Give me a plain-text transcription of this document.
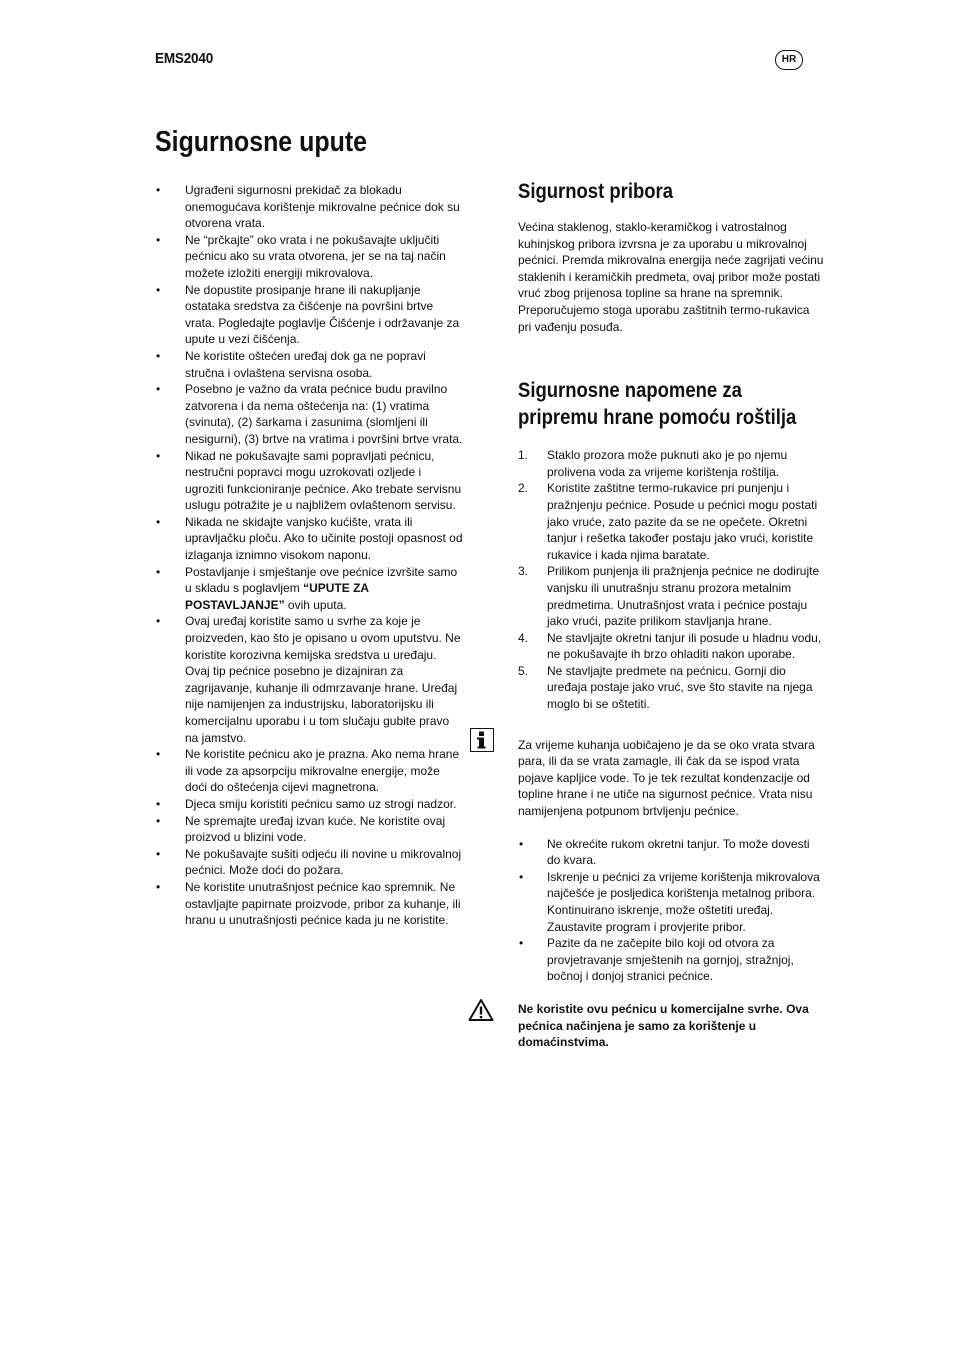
EMS2040	HR
Sigurnosne upute
• Ugrađeni sigurnosni prekidač za blokadu onemogućava korištenje mikrovalne pećnice dok su otvorena vrata.
• Ne “prčkajte” oko vrata i ne pokušavajte uključiti pećnicu ako su vrata otvorena, jer se na taj način možete izložiti energiji mikrovalova.
• Ne dopustite prosipanje hrane ili nakupljanje ostataka sredstva za čišćenje na površini brtve vrata. Pogledajte poglavlje Čišćenje i održavanje za upute u vezi čišćenja.
• Ne koristite oštećen uređaj dok ga ne popravi stručna i ovlaštena servisna osoba.
• Posebno je važno da vrata pećnice budu pravilno zatvorena i da nema oštećenja na: (1) vratima (svinuta), (2) šarkama i zasunima (slomljeni ili nesigurni), (3) brtve na vratima i površini brtve vrata.
• Nikad ne pokušavajte sami popravljati pećnicu, nestručni popravci mogu uzrokovati ozljede i ugroziti funkcioniranje pećnice. Ako trebate servisnu uslugu potražite je u najbližem ovlaštenom servisu.
• Nikada ne skidajte vanjsko kućište, vrata ili upravljačku ploču. Ako to učinite postoji opasnost od izlaganja iznimno visokom naponu.
• Postavljanje i smještanje ove pećnice izvršite samo u skladu s poglavljem “UPUTE ZA POSTAVLJANJE” ovih uputa.
• Ovaj uređaj koristite samo u svrhe za koje je proizveden, kao što je opisano u ovom uputstvu. Ne koristite korozivna kemijska sredstva u uređaju. Ovaj tip pećnice posebno je dizajniran za zagrijavanje, kuhanje ili odmrzavanje hrane. Uređaj nije namijenjen za industrijsku, laboratorijsku ili komercijalnu uporabu i u tom slučaju gubite pravo na jamstvo.
• Ne koristite pećnicu ako je prazna. Ako nema hrane ili vode za apsorpciju mikrovalne energije, može doći do oštećenja cijevi magnetrona.
• Djeca smiju koristiti pećnicu samo uz strogi nadzor.
• Ne spremajte uređaj izvan kuće. Ne koristite ovaj proizvod u blizini vode.
• Ne pokušavajte sušiti odjeću ili novine u mikrovalnoj pećnici. Može doći do požara.
• Ne koristite unutrašnjost pećnice kao spremnik. Ne ostavljajte papirnate proizvode, pribor za kuhanje, ili hranu u unutrašnjosti pećnice kada ju ne koristite.
Sigurnost pribora

Većina staklenog, staklo-keramičkog i vatrostalnog kuhinjskog pribora izvrsna je za uporabu u mikrovalnoj pećnici. Premda mikrovalna energija neće zagrijati većinu staklenih i keramičkih predmeta, ovaj pribor može postati vruć zbog prijenosa topline sa hrane na spremnik. Preporučujemo stoga uporabu zaštitnih termo-rukavica pri vađenju posuđa.

Sigurnosne napomene za
pripremu hrane pomoću roštilja
1. Staklo prozora može puknuti ako je po njemu prolivena voda za vrijeme korištenja roštilja.
2. Koristite zaštitne termo-rukavice pri punjenju i pražnjenju pećnice. Posude u pećnici mogu postati jako vruće, zato pazite da se ne opečete. Okretni tanjur i rešetka također postaju jako vrući, koristite rukavice i kada njima baratate.
3. Prilikom punjenja ili pražnjenja pećnice ne dodirujte vanjsku ili unutrašnju stranu prozora metalnim predmetima. Unutrašnjost vrata i pećnice postaju jako vrući, pazite prilikom stavljanja hrane.
4. Ne stavljajte okretni tanjur ili posude u hladnu vodu, ne pokušavajte ih brzo ohladiti nakon uporabe.
5. Ne stavljajte predmete na pećnicu. Gornji dio uređaja postaje jako vruć, sve što stavite na njega moglo bi se oštetiti.

Za vrijeme kuhanja uobičajeno je da se oko vrata stvara para, ili da se vrata zamagle, ili čak da se ispod vrata pojave kapljice vode. To je tek rezultat kondenzacije od topline hrane i ne utiče na sigurnost pećnice. Vrata nisu namijenjena potpunom brtvljenju pećnice.

• Ne okrećite rukom okretni tanjur. To može dovesti do kvara.
• Iskrenje u pećnici za vrijeme korištenja mikrovalova najčešće je posljedica korištenja metalnog pribora. Kontinuirano iskrenje, može oštetiti uređaj. Zaustavite program i provjerite pribor.
• Pazite da ne začepite bilo koji od otvora za provjetravanje smještenih na gornjoj, stražnjoj, bočnoj i donjoj stranici pećnice.

Ne koristite ovu pećnicu u komercijalne svrhe. Ova pećnica načinjena je samo za korištenje u domaćinstvima.
